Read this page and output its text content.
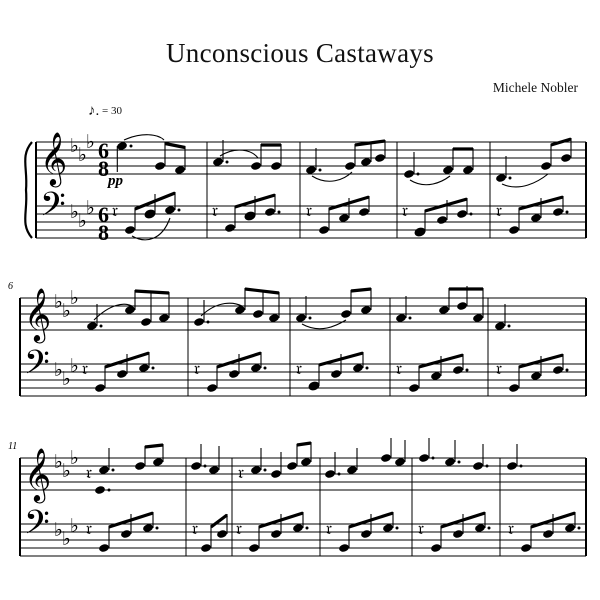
Unconscious Castaways
Michele Nobler
♪. = 30
pp
6
11
𝄞
𝄢
♭ ♭
♭
♭ ♭
♭
6
8
6
8
𝔯	𝔯	𝔯	𝔯	𝔯
𝄞
𝄢
♭ ♭
♭
♭ ♭
♭ 𝔯	𝔯	𝔯	𝔯	𝔯
𝄞
𝄢
♭ ♭
♭
♭ ♭
♭
𝔯
𝔯	𝔯
𝔯
𝔯	𝔯	𝔯	𝔯
